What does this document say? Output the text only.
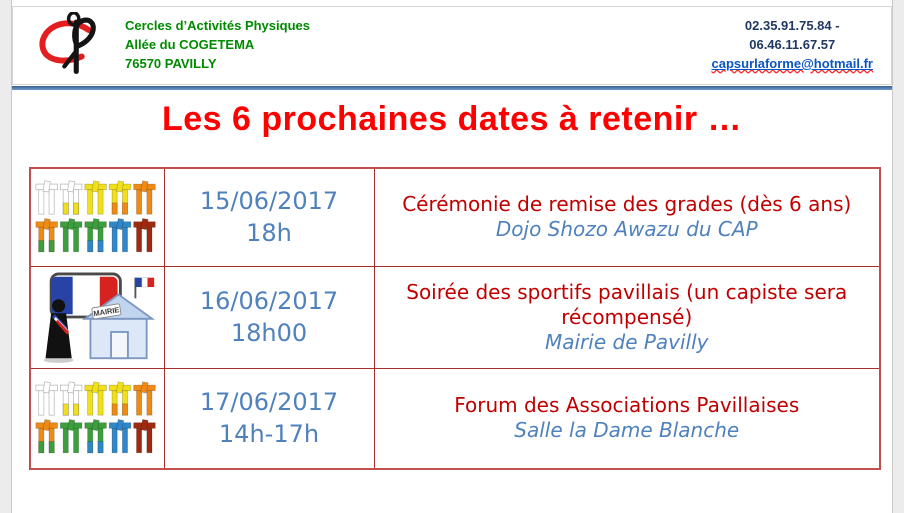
Cercles d’Activités Physiques
Allée du COGETEMA
76570 PAVILLY
02.35.91.75.84 -
06.46.11.67.57
capsurlaforme@hotmail.fr
Les 6 prochaines dates à retenir …

15/06/2017
18h

Cérémonie de remise des grades (dès 6 ans)
Dojo Shozo Awazu du CAP

MAIRIE	16/06/2017
18h00

Soirée des sportifs pavillais (un capiste sera récompensé)
Mairie de Pavilly

17/06/2017
14h-17h

Forum des Associations Pavillaises
Salle la Dame Blanche
